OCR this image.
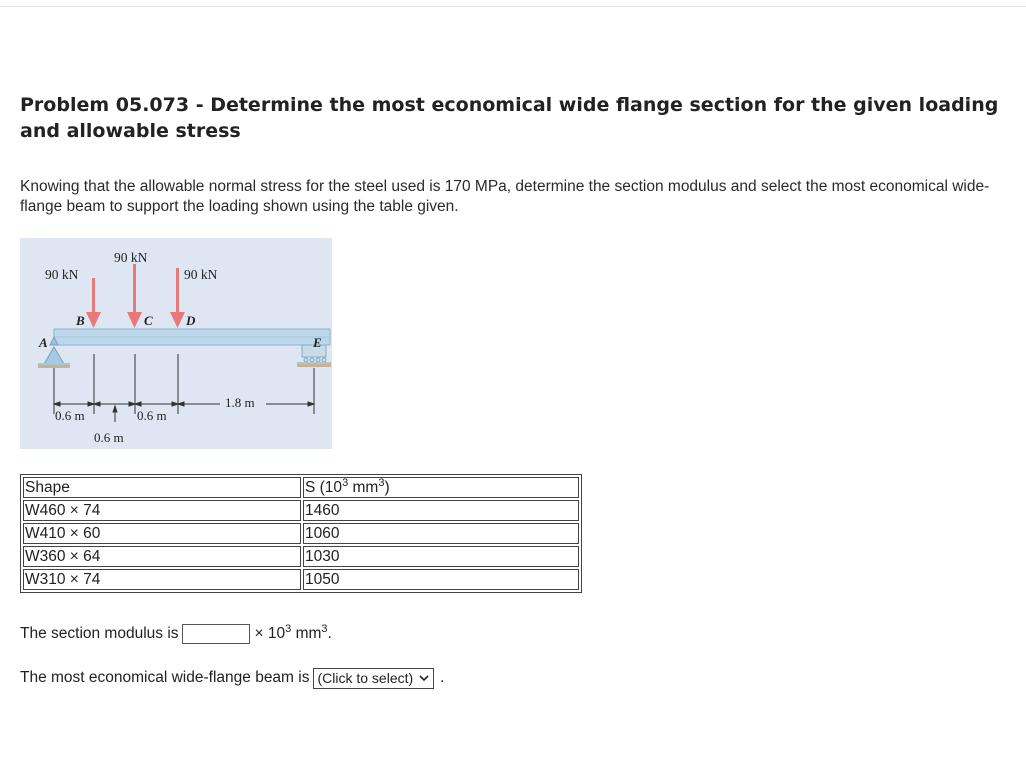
Problem 05.073 - Determine the most economical wide flange section for the given loading and allowable stress
Knowing that the allowable normal stress for the steel used is 170 MPa, determine the section modulus and select the most economical wide-flange beam to support the loading shown using the table given.
90 kN
90 kN
90 kN
A
B	C	D
E
0.6 m
0.6 m
0.6 m
1.8 m
Shape	S ($10^3$ $mm^3$)
W460 × 74	1460
W410 × 60	1060
W360 × 64	1030
W310 × 74	1050
The section modulus is	× $10^3$ $mm^3$.
The most economical wide-flange beam is (Click to select) .
